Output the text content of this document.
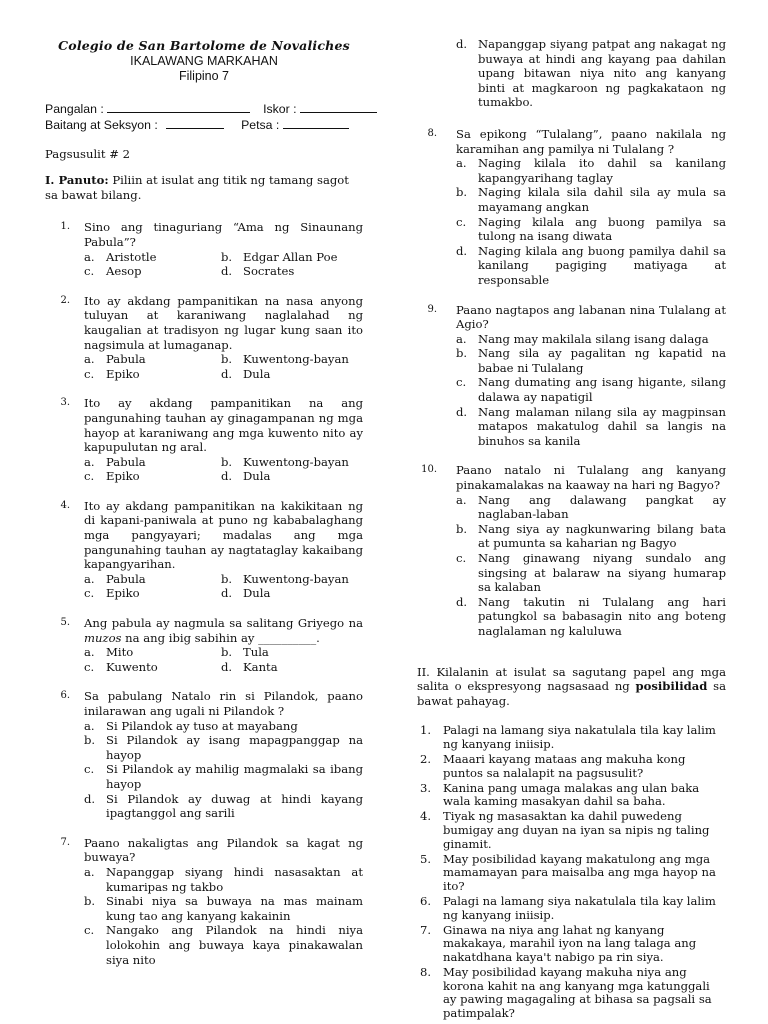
Colegio de San Bartolome de Novaliches
IKALAWANG MARKAHAN
Filipino 7
Pangalan :	Iskor :
Baitang at Seksyon :	Petsa :
Pagsusulit # 2
I. Panuto: Piliin at isulat ang titik ng tamang sagot sa bawat bilang.
1.	Sino ang tinaguriang “Ama ng Sinaunang Pabula”?
a. Aristotle	b. Edgar Allan Poe
c.	Aesop	d. Socrates
2.	Ito ay akdang pampanitikan na nasa anyong tuluyan at karaniwang naglalahad ng kaugalian at tradisyon ng lugar kung saan ito nagsimula at lumaganap.
a. Pabula	b. Kuwentong-bayan
c.	Epiko	d. Dula
3.	Ito ay akdang pampanitikan na ang pangunahing tauhan ay ginagampanan ng mga hayop at karaniwang ang mga kuwento nito ay kapupulutan ng aral.
a. Pabula	b. Kuwentong-bayan
c.	Epiko	d. Dula
4.	Ito ay akdang pampanitikan na kakikitaan ng di kapani-paniwala at puno ng kababalaghang mga pangyayari; madalas ang mga pangunahing tauhan ay nagtataglay kakaibang kapangyarihan.
a. Pabula	b. Kuwentong-bayan
c.	Epiko	d. Dula
5.	Ang pabula ay nagmula sa salitang Griyego na muzos na ang ibig sabihin ay __________.
a. Mito	b. Tula
c.	Kuwento	d. Kanta
6.	Sa pabulang Natalo rin si Pilandok, paano inilarawan ang ugali ni Pilandok ?
a. Si Pilandok ay tuso at mayabang
b. Si Pilandok ay isang mapagpanggap na hayop
c.	Si Pilandok ay mahilig magmalaki sa ibang hayop
d. Si Pilandok ay duwag at hindi kayang ipagtanggol ang sarili
7.	Paano nakaligtas ang Pilandok sa kagat ng buwaya?
a. Napanggap siyang hindi nasasaktan at kumaripas ng takbo
b. Sinabi niya sa buwaya na mas mainam kung tao ang kanyang kakainin
c.	Nangako ang Pilandok na hindi niya lolokohin ang buwaya kaya pinakawalan siya nito
d. Napanggap siyang patpat ang nakagat ng buwaya at hindi ang kayang paa dahilan upang bitawan niya nito ang kanyang binti at magkaroon ng pagkakataon ng tumakbo.
8.	Sa epikong “Tulalang”, paano nakilala ng karamihan ang pamilya ni Tulalang ?
a. Naging kilala ito dahil sa kanilang kapangyarihang taglay
b. Naging kilala sila dahil sila ay mula sa mayamang angkan
c.	Naging kilala ang buong pamilya sa tulong na isang diwata
d. Naging kilala ang buong pamilya dahil sa kanilang pagiging matiyaga at responsable
9.	Paano nagtapos ang labanan nina Tulalang at Agio?
a. Nang may makilala silang isang dalaga
b. Nang sila ay pagalitan ng kapatid na babae ni Tulalang
c.	Nang dumating ang isang higante, silang dalawa ay napatigil
d. Nang malaman nilang sila ay magpinsan matapos makatulog dahil sa langis na binuhos sa kanila
10.	Paano natalo ni Tulalang ang kanyang pinakamalakas na kaaway na hari ng Bagyo?
a. Nang ang dalawang pangkat ay naglaban-laban
b. Nang siya ay nagkunwaring bilang bata at pumunta sa kaharian ng Bagyo
c.	Nang ginawang niyang sundalo ang singsing at balaraw na siyang humarap sa kalaban
d. Nang takutin ni Tulalang ang hari patungkol sa babasagin nito ang boteng naglalaman ng kaluluwa
II. Kilalanin at isulat sa sagutang papel ang mga salita o ekspresyong nagsasaad ng posibilidad sa bawat pahayag.
1.	Palagi na lamang siya nakatulala tila kay lalim ng kanyang iniisip.
2.	Maaari kayang mataas ang makuha kong puntos sa nalalapit na pagsusulit?
3.	Kanina pang umaga malakas ang ulan baka wala kaming masakyan dahil sa baha.
4.	Tiyak ng masasaktan ka dahil puwedeng bumigay ang duyan na iyan sa nipis ng taling ginamit.
5.	May posibilidad kayang makatulong ang mga mamamayan para maisalba ang mga hayop na ito?
6.	Palagi na lamang siya nakatulala tila kay lalim ng kanyang iniisip.
7.	Ginawa na niya ang lahat ng kanyang makakaya, marahil iyon na lang talaga ang nakatdhana kaya't nabigo pa rin siya.
8.	May posibilidad kayang makuha niya ang korona kahit na ang kanyang mga katunggali ay pawing magagaling at bihasa sa pagsali sa patimpalak?
